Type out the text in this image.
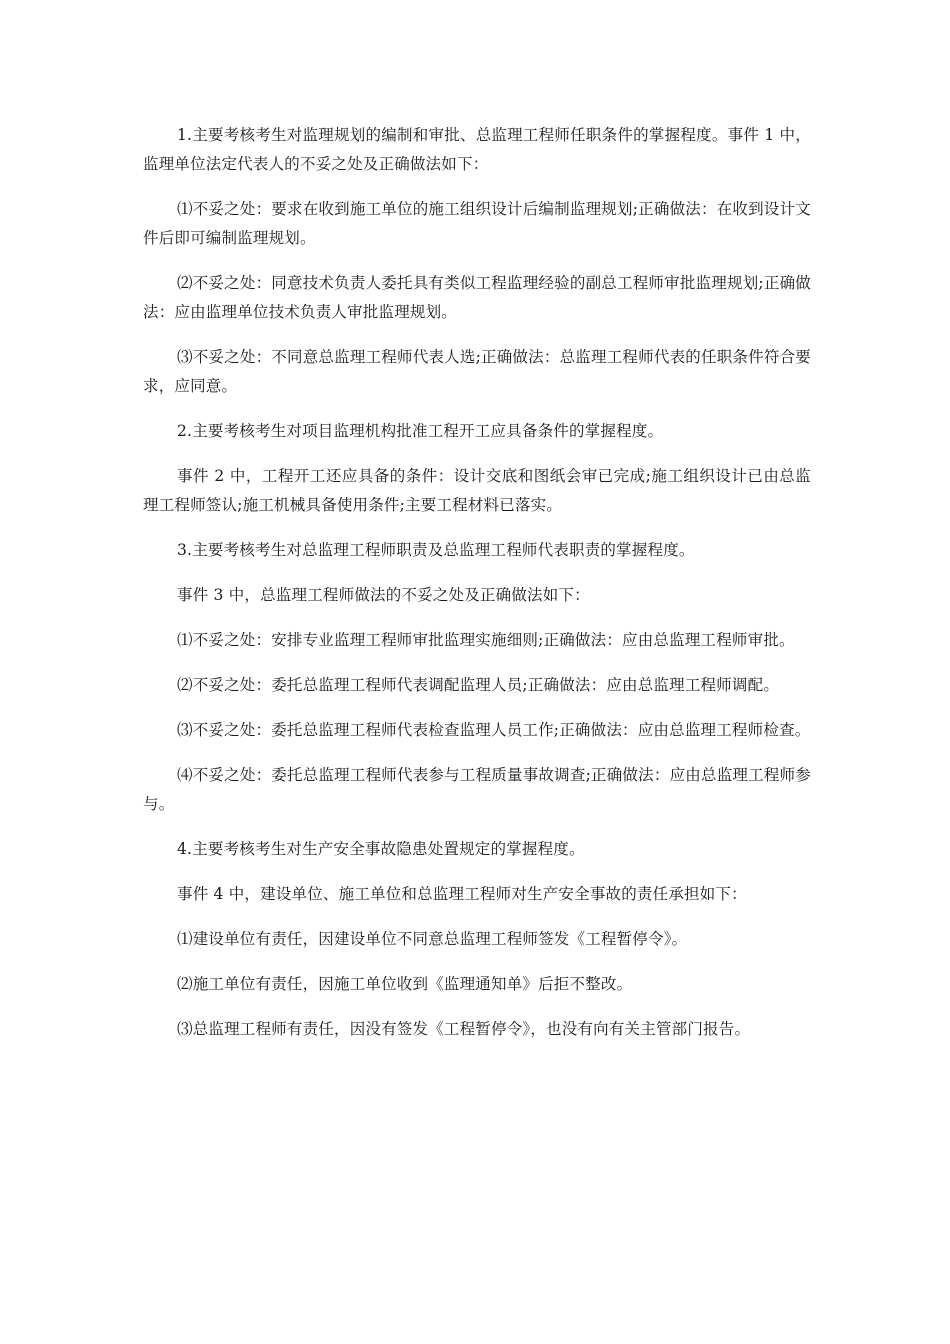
1.主要考核考生对监理规划的编制和审批、总监理工程师任职条件的掌握程度。事件 1 中，监理单位法定代表人的不妥之处及正确做法如下：

⑴不妥之处：要求在收到施工单位的施工组织设计后编制监理规划;正确做法：在收到设计文件后即可编制监理规划。

⑵不妥之处：同意技术负责人委托具有类似工程监理经验的副总工程师审批监理规划;正确做法：应由监理单位技术负责人审批监理规划。

⑶不妥之处：不同意总监理工程师代表人选;正确做法：总监理工程师代表的任职条件符合要求，应同意。

2.主要考核考生对项目监理机构批准工程开工应具备条件的掌握程度。

事件 2 中，工程开工还应具备的条件：设计交底和图纸会审已完成;施工组织设计已由总监理工程师签认;施工机械具备使用条件;主要工程材料已落实。

3.主要考核考生对总监理工程师职责及总监理工程师代表职责的掌握程度。

事件 3 中，总监理工程师做法的不妥之处及正确做法如下：

⑴不妥之处：安排专业监理工程师审批监理实施细则;正确做法：应由总监理工程师审批。

⑵不妥之处：委托总监理工程师代表调配监理人员;正确做法：应由总监理工程师调配。

⑶不妥之处：委托总监理工程师代表检查监理人员工作;正确做法：应由总监理工程师检查。

⑷不妥之处：委托总监理工程师代表参与工程质量事故调查;正确做法：应由总监理工程师参与。

4.主要考核考生对生产安全事故隐患处置规定的掌握程度。

事件 4 中，建设单位、施工单位和总监理工程师对生产安全事故的责任承担如下：

⑴建设单位有责任，因建设单位不同意总监理工程师签发《工程暂停令》。

⑵施工单位有责任，因施工单位收到《监理通知单》后拒不整改。

⑶总监理工程师有责任，因没有签发《工程暂停令》，也没有向有关主管部门报告。
